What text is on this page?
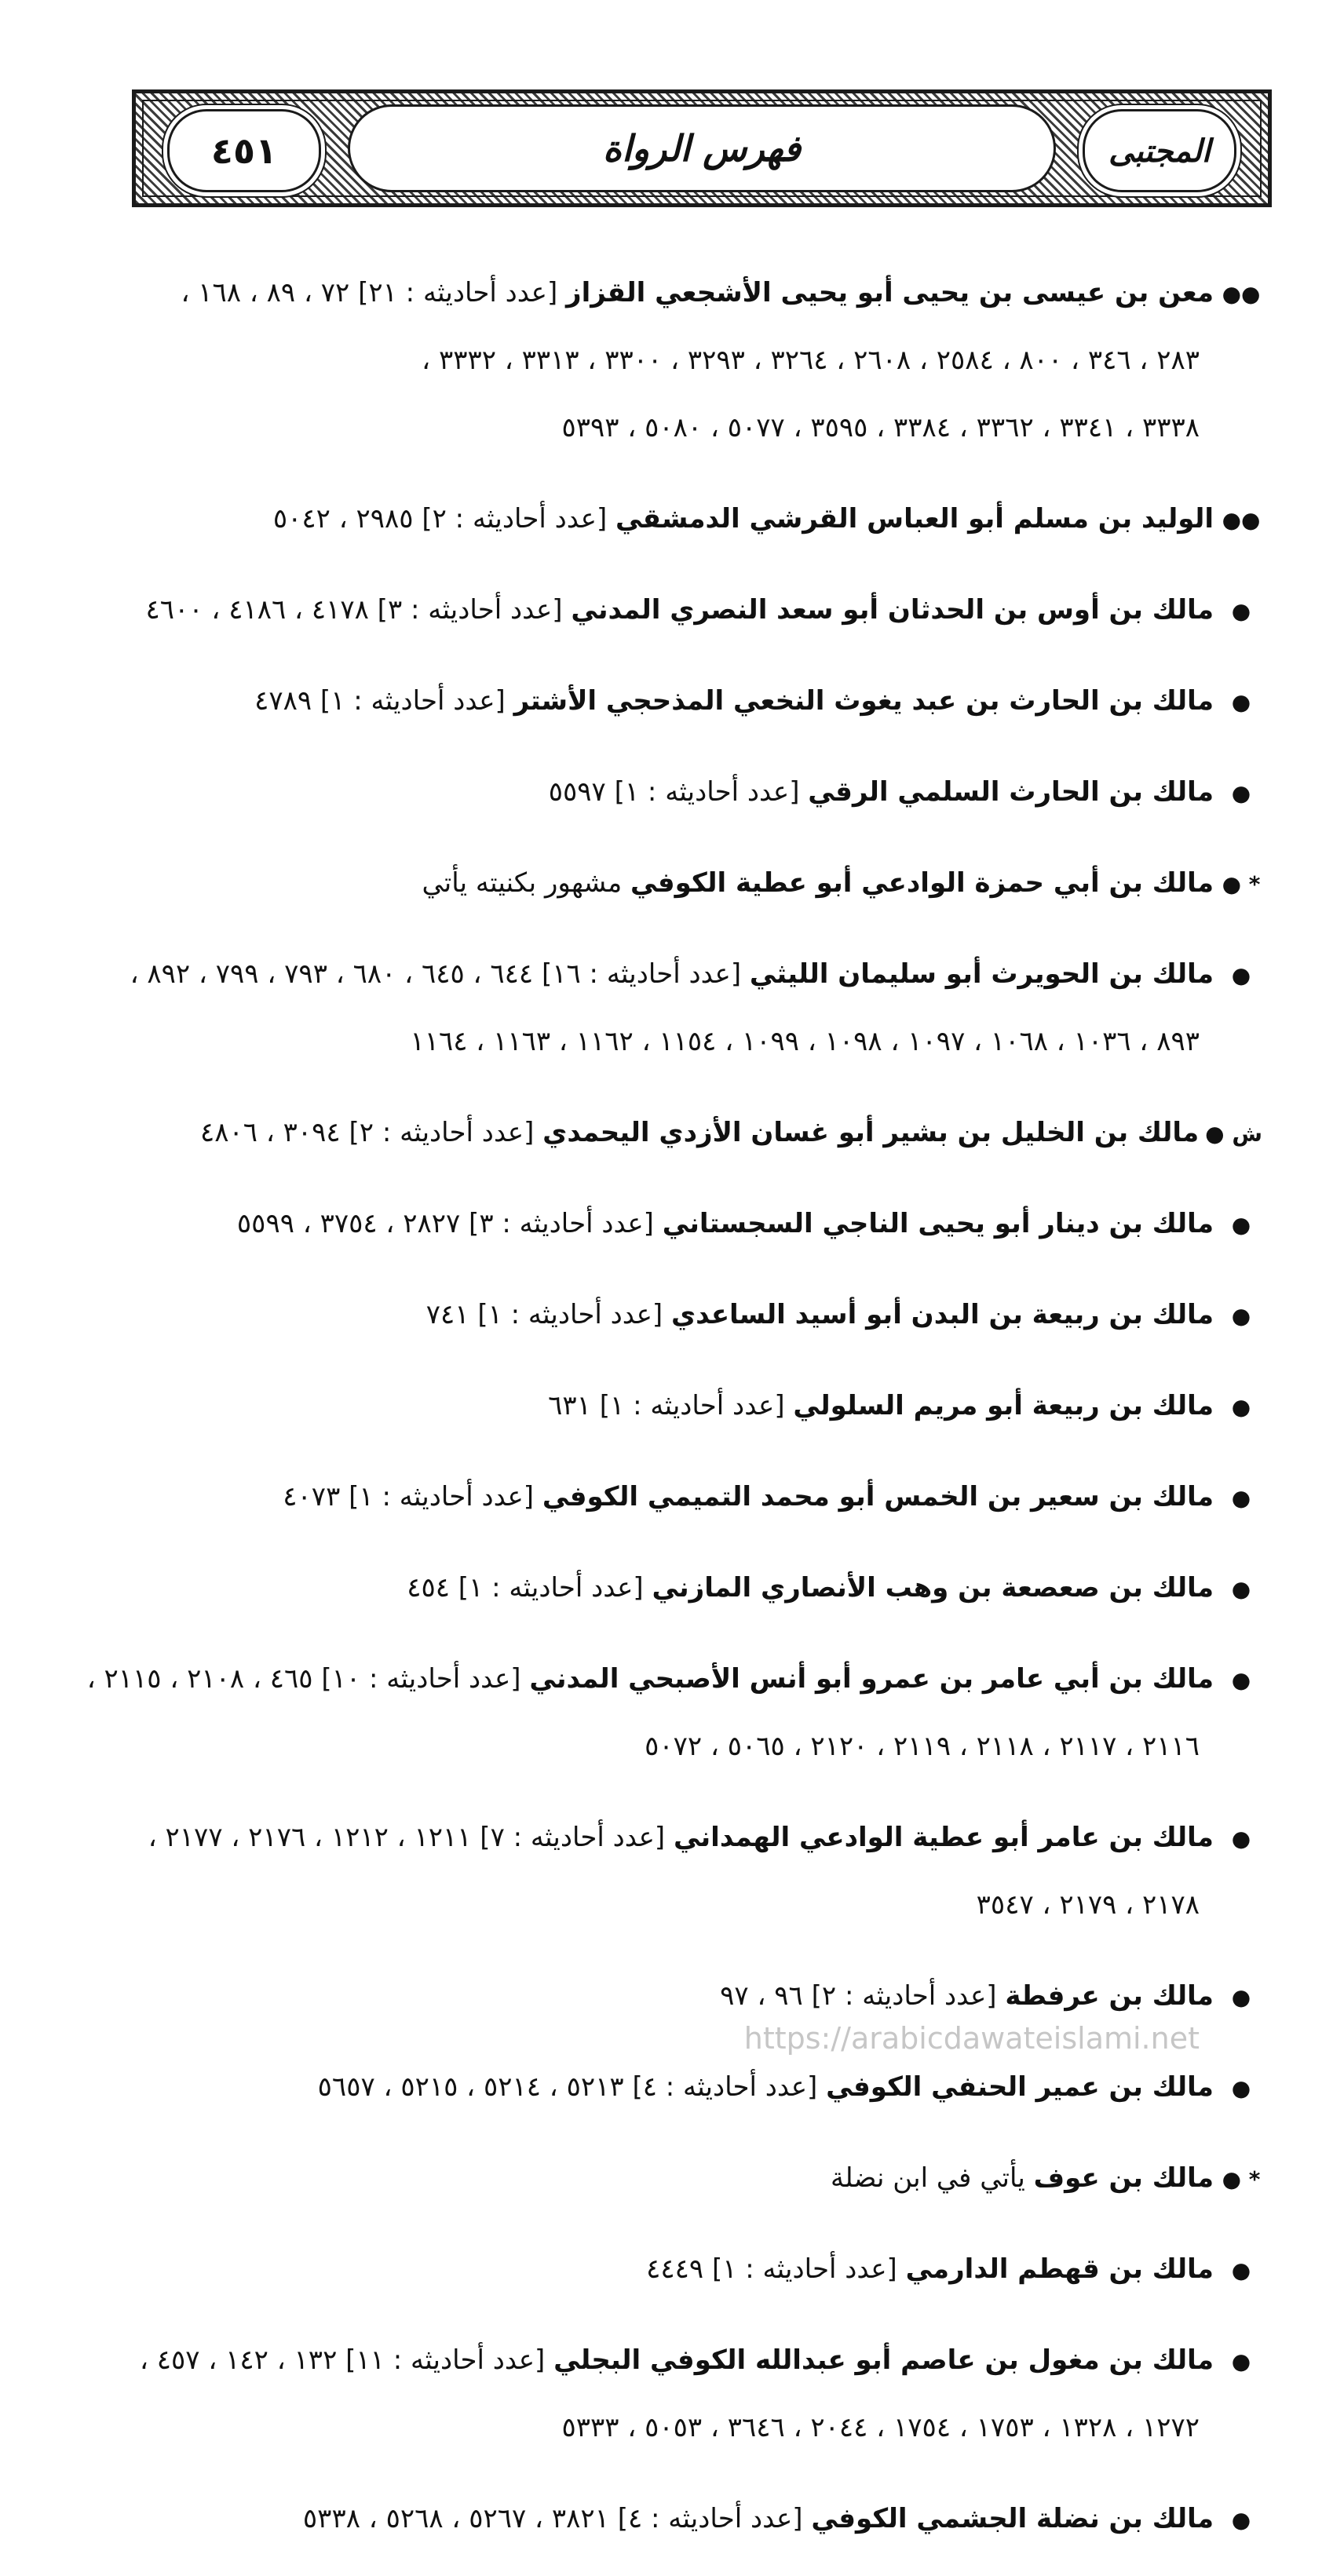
المجتبى
فهرس الرواة
٤٥١
●●معن بن عيسى بن يحيى أبو يحيى الأشجعي القزاز [عدد أحاديثه : ٢١] ٧٢ ، ٨٩ ، ١٦٨ ،
٢٨٣ ، ٣٤٦ ، ٨٠٠ ، ٢٥٨٤ ، ٢٦٠٨ ، ٣٢٦٤ ، ٣٢٩٣ ، ٣٣٠٠ ، ٣٣١٣ ، ٣٣٣٢ ،
٣٣٣٨ ، ٣٣٤١ ، ٣٣٦٢ ، ٣٣٨٤ ، ٣٥٩٥ ، ٥٠٧٧ ، ٥٠٨٠ ، ٥٣٩٣
●●الوليد بن مسلم أبو العباس القرشي الدمشقي [عدد أحاديثه : ٢] ٢٩٨٥ ، ٥٠٤٢
●مالك بن أوس بن الحدثان أبو سعد النصري المدني [عدد أحاديثه : ٣] ٤١٧٨ ، ٤١٨٦ ، ٤٦٠٠
●مالك بن الحارث بن عبد يغوث النخعي المذحجي الأشتر [عدد أحاديثه : ١] ٤٧٨٩
●مالك بن الحارث السلمي الرقي [عدد أحاديثه : ١] ٥٥٩٧
* ●مالك بن أبي حمزة الوادعي أبو عطية الكوفي مشهور بكنيته يأتي
●مالك بن الحويرث أبو سليمان الليثي [عدد أحاديثه : ١٦] ٦٤٤ ، ٦٤٥ ، ٦٨٠ ، ٧٩٣ ، ٧٩٩ ، ٨٩٢ ،
٨٩٣ ، ١٠٣٦ ، ١٠٦٨ ، ١٠٩٧ ، ١٠٩٨ ، ١٠٩٩ ، ١١٥٤ ، ١١٦٢ ، ١١٦٣ ، ١١٦٤
ش ●مالك بن الخليل بن بشير أبو غسان الأزدي اليحمدي [عدد أحاديثه : ٢] ٣٠٩٤ ، ٤٨٠٦
●مالك بن دينار أبو يحيى الناجي السجستاني [عدد أحاديثه : ٣] ٢٨٢٧ ، ٣٧٥٤ ، ٥٥٩٩
●مالك بن ربيعة بن البدن أبو أسيد الساعدي [عدد أحاديثه : ١] ٧٤١
●مالك بن ربيعة أبو مريم السلولي [عدد أحاديثه : ١] ٦٣١
●مالك بن سعير بن الخمس أبو محمد التميمي الكوفي [عدد أحاديثه : ١] ٤٠٧٣
●مالك بن صعصعة بن وهب الأنصاري المازني [عدد أحاديثه : ١] ٤٥٤
●مالك بن أبي عامر بن عمرو أبو أنس الأصبحي المدني [عدد أحاديثه : ١٠] ٤٦٥ ، ٢١٠٨ ، ٢١١٥ ،
٢١١٦ ، ٢١١٧ ، ٢١١٨ ، ٢١١٩ ، ٢١٢٠ ، ٥٠٦٥ ، ٥٠٧٢
●مالك بن عامر أبو عطية الوادعي الهمداني [عدد أحاديثه : ٧] ١٢١١ ، ١٢١٢ ، ٢١٧٦ ، ٢١٧٧ ،
٢١٧٨ ، ٢١٧٩ ، ٣٥٤٧
●مالك بن عرفطة [عدد أحاديثه : ٢] ٩٦ ، ٩٧
●مالك بن عمير الحنفي الكوفي [عدد أحاديثه : ٤] ٥٢١٣ ، ٥٢١٤ ، ٥٢١٥ ، ٥٦٥٧
* ●مالك بن عوف يأتي في ابن نضلة
●مالك بن قهطم الدارمي [عدد أحاديثه : ١] ٤٤٤٩
●مالك بن مغول بن عاصم أبو عبدالله الكوفي البجلي [عدد أحاديثه : ١١] ١٣٢ ، ١٤٢ ، ٤٥٧ ،
١٢٧٢ ، ١٣٢٨ ، ١٧٥٣ ، ١٧٥٤ ، ٢٠٤٤ ، ٣٦٤٦ ، ٥٠٥٣ ، ٥٣٣٣
●مالك بن نضلة الجشمي الكوفي [عدد أحاديثه : ٤] ٣٨٢١ ، ٥٢٦٧ ، ٥٢٦٨ ، ٥٣٣٨
https://arabicdawateislami.net
